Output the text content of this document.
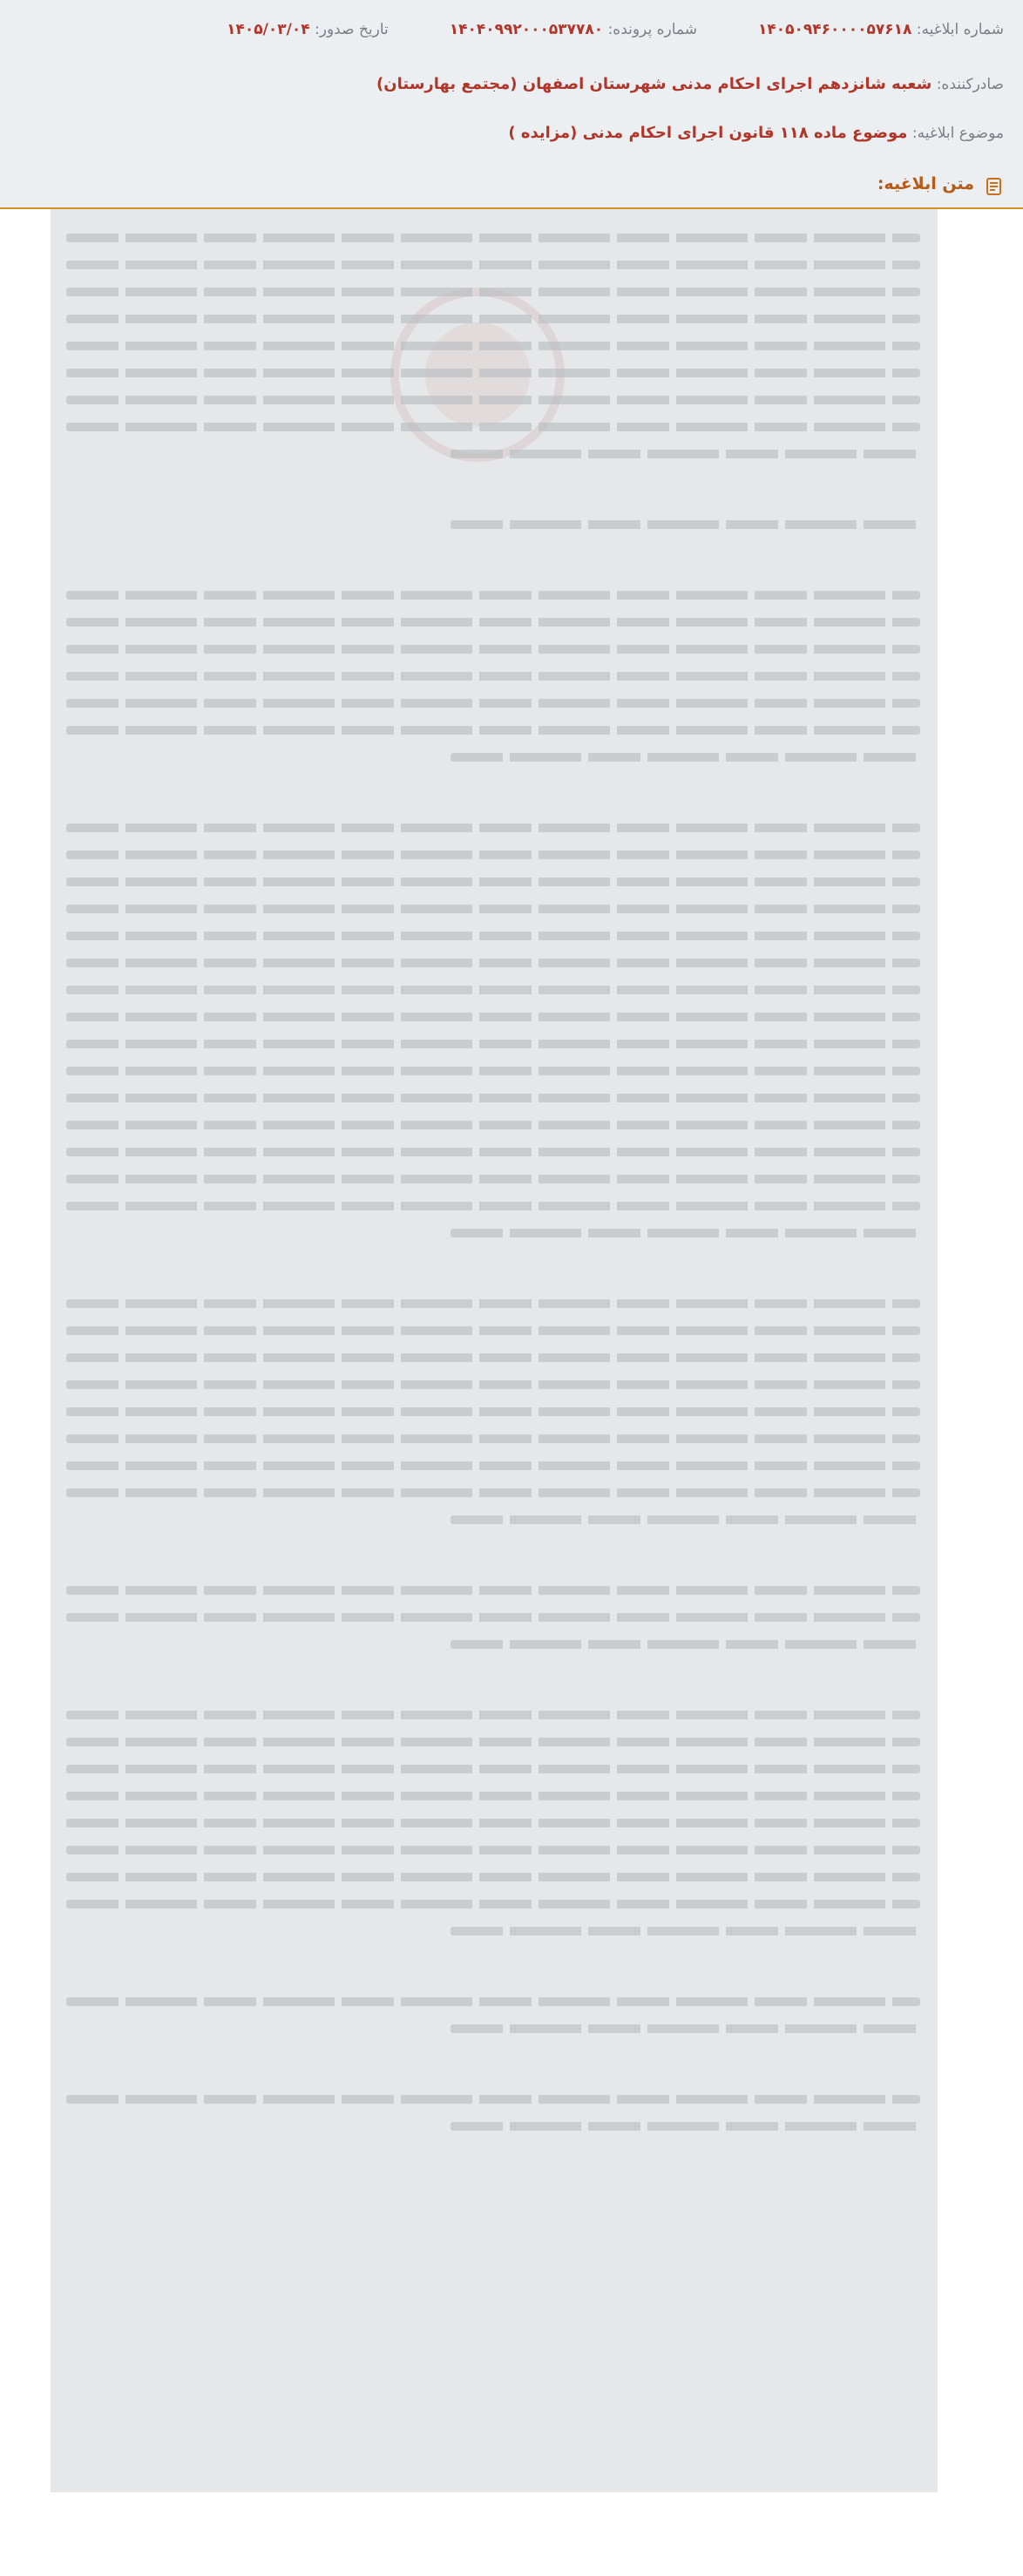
شماره ابلاغیه: ۱۴۰۵۰۹۴۶۰۰۰۰۵۷۶۱۸
شماره پرونده: ۱۴۰۴۰۹۹۲۰۰۰۵۳۷۷۸۰
تاریخ صدور: ۱۴۰۵/۰۳/۰۴
صادرکننده: شعبه شانزدهم اجرای احکام مدنی شهرستان اصفهان (مجتمع بهارستان)
موضوع ابلاغیه: موضوع ماده ۱۱۸ قانون اجرای احکام مدنی (مزایده )
متن ابلاغیه:
